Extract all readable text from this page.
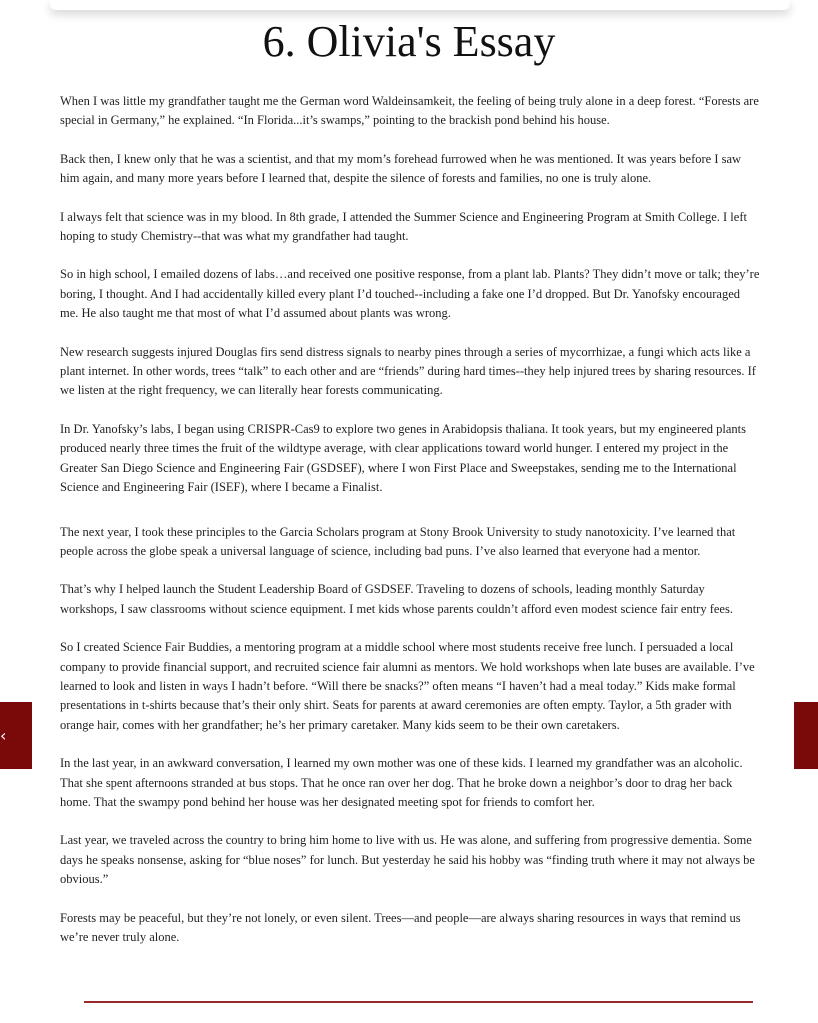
6. Olivia's Essay

When I was little my grandfather taught me the German word Waldeinsamkeit, the feeling of being truly alone in a deep forest. “Forests are special in Germany,” he explained. “In Florida...it’s swamps,” pointing to the brackish pond behind his house.

Back then, I knew only that he was a scientist, and that my mom’s forehead furrowed when he was mentioned. It was years before I saw him again, and many more years before I learned that, despite the silence of forests and families, no one is truly alone.

I always felt that science was in my blood. In 8th grade, I attended the Summer Science and Engineering Program at Smith College. I left hoping to study Chemistry--that was what my grandfather had taught.

So in high school, I emailed dozens of labs…and received one positive response, from a plant lab. Plants? They didn’t move or talk; they’re boring, I thought. And I had accidentally killed every plant I’d touched--including a fake one I’d dropped. But Dr. Yanofsky encouraged me. He also taught me that most of what I’d assumed about plants was wrong.

New research suggests injured Douglas firs send distress signals to nearby pines through a series of mycorrhizae, a fungi which acts like a plant internet. In other words, trees “talk” to each other and are “friends” during hard times--they help injured trees by sharing resources. If we listen at the right frequency, we can literally hear forests communicating.

In Dr. Yanofsky’s labs, I began using CRISPR-Cas9 to explore two genes in Arabidopsis thaliana. It took years, but my engineered plants produced nearly three times the fruit of the wildtype average, with clear applications toward world hunger. I entered my project in the Greater San Diego Science and Engineering Fair (GSDSEF), where I won First Place and Sweepstakes, sending me to the International Science and Engineering Fair (ISEF), where I became a Finalist.

The next year, I took these principles to the Garcia Scholars program at Stony Brook University to study nanotoxicity. I’ve learned that people across the globe speak a universal language of science, including bad puns. I’ve also learned that everyone had a mentor.

That’s why I helped launch the Student Leadership Board of GSDSEF. Traveling to dozens of schools, leading monthly Saturday workshops, I saw classrooms without science equipment. I met kids whose parents couldn’t afford even modest science fair entry fees.

So I created Science Fair Buddies, a mentoring program at a middle school where most students receive free lunch. I persuaded a local company to provide financial support, and recruited science fair alumni as mentors. We hold workshops when late buses are available. I’ve learned to look and listen in ways I hadn’t before. “Will there be snacks?” often means “I haven’t had a meal today.” Kids make formal presentations in t-shirts because that’s their only shirt. Seats for parents at award ceremonies are often empty. Taylor, a 5th grader with orange hair, comes with her grandfather; he’s her primary caretaker. Many kids seem to be their own caretakers.

In the last year, in an awkward conversation, I learned my own mother was one of these kids. I learned my grandfather was an alcoholic. That she spent afternoons stranded at bus stops. That he once ran over her dog. That he broke down a neighbor’s door to drag her back home. That the swampy pond behind her house was her designated meeting spot for friends to comfort her.

Last year, we traveled across the country to bring him home to live with us. He was alone, and suffering from progressive dementia. Some days he speaks nonsense, asking for “blue noses” for lunch. But yesterday he said his hobby was “finding truth where it may not always be obvious.”

Forests may be peaceful, but they’re not lonely, or even silent. Trees—and people—are always sharing resources in ways that remind us we’re never truly alone.

‹
